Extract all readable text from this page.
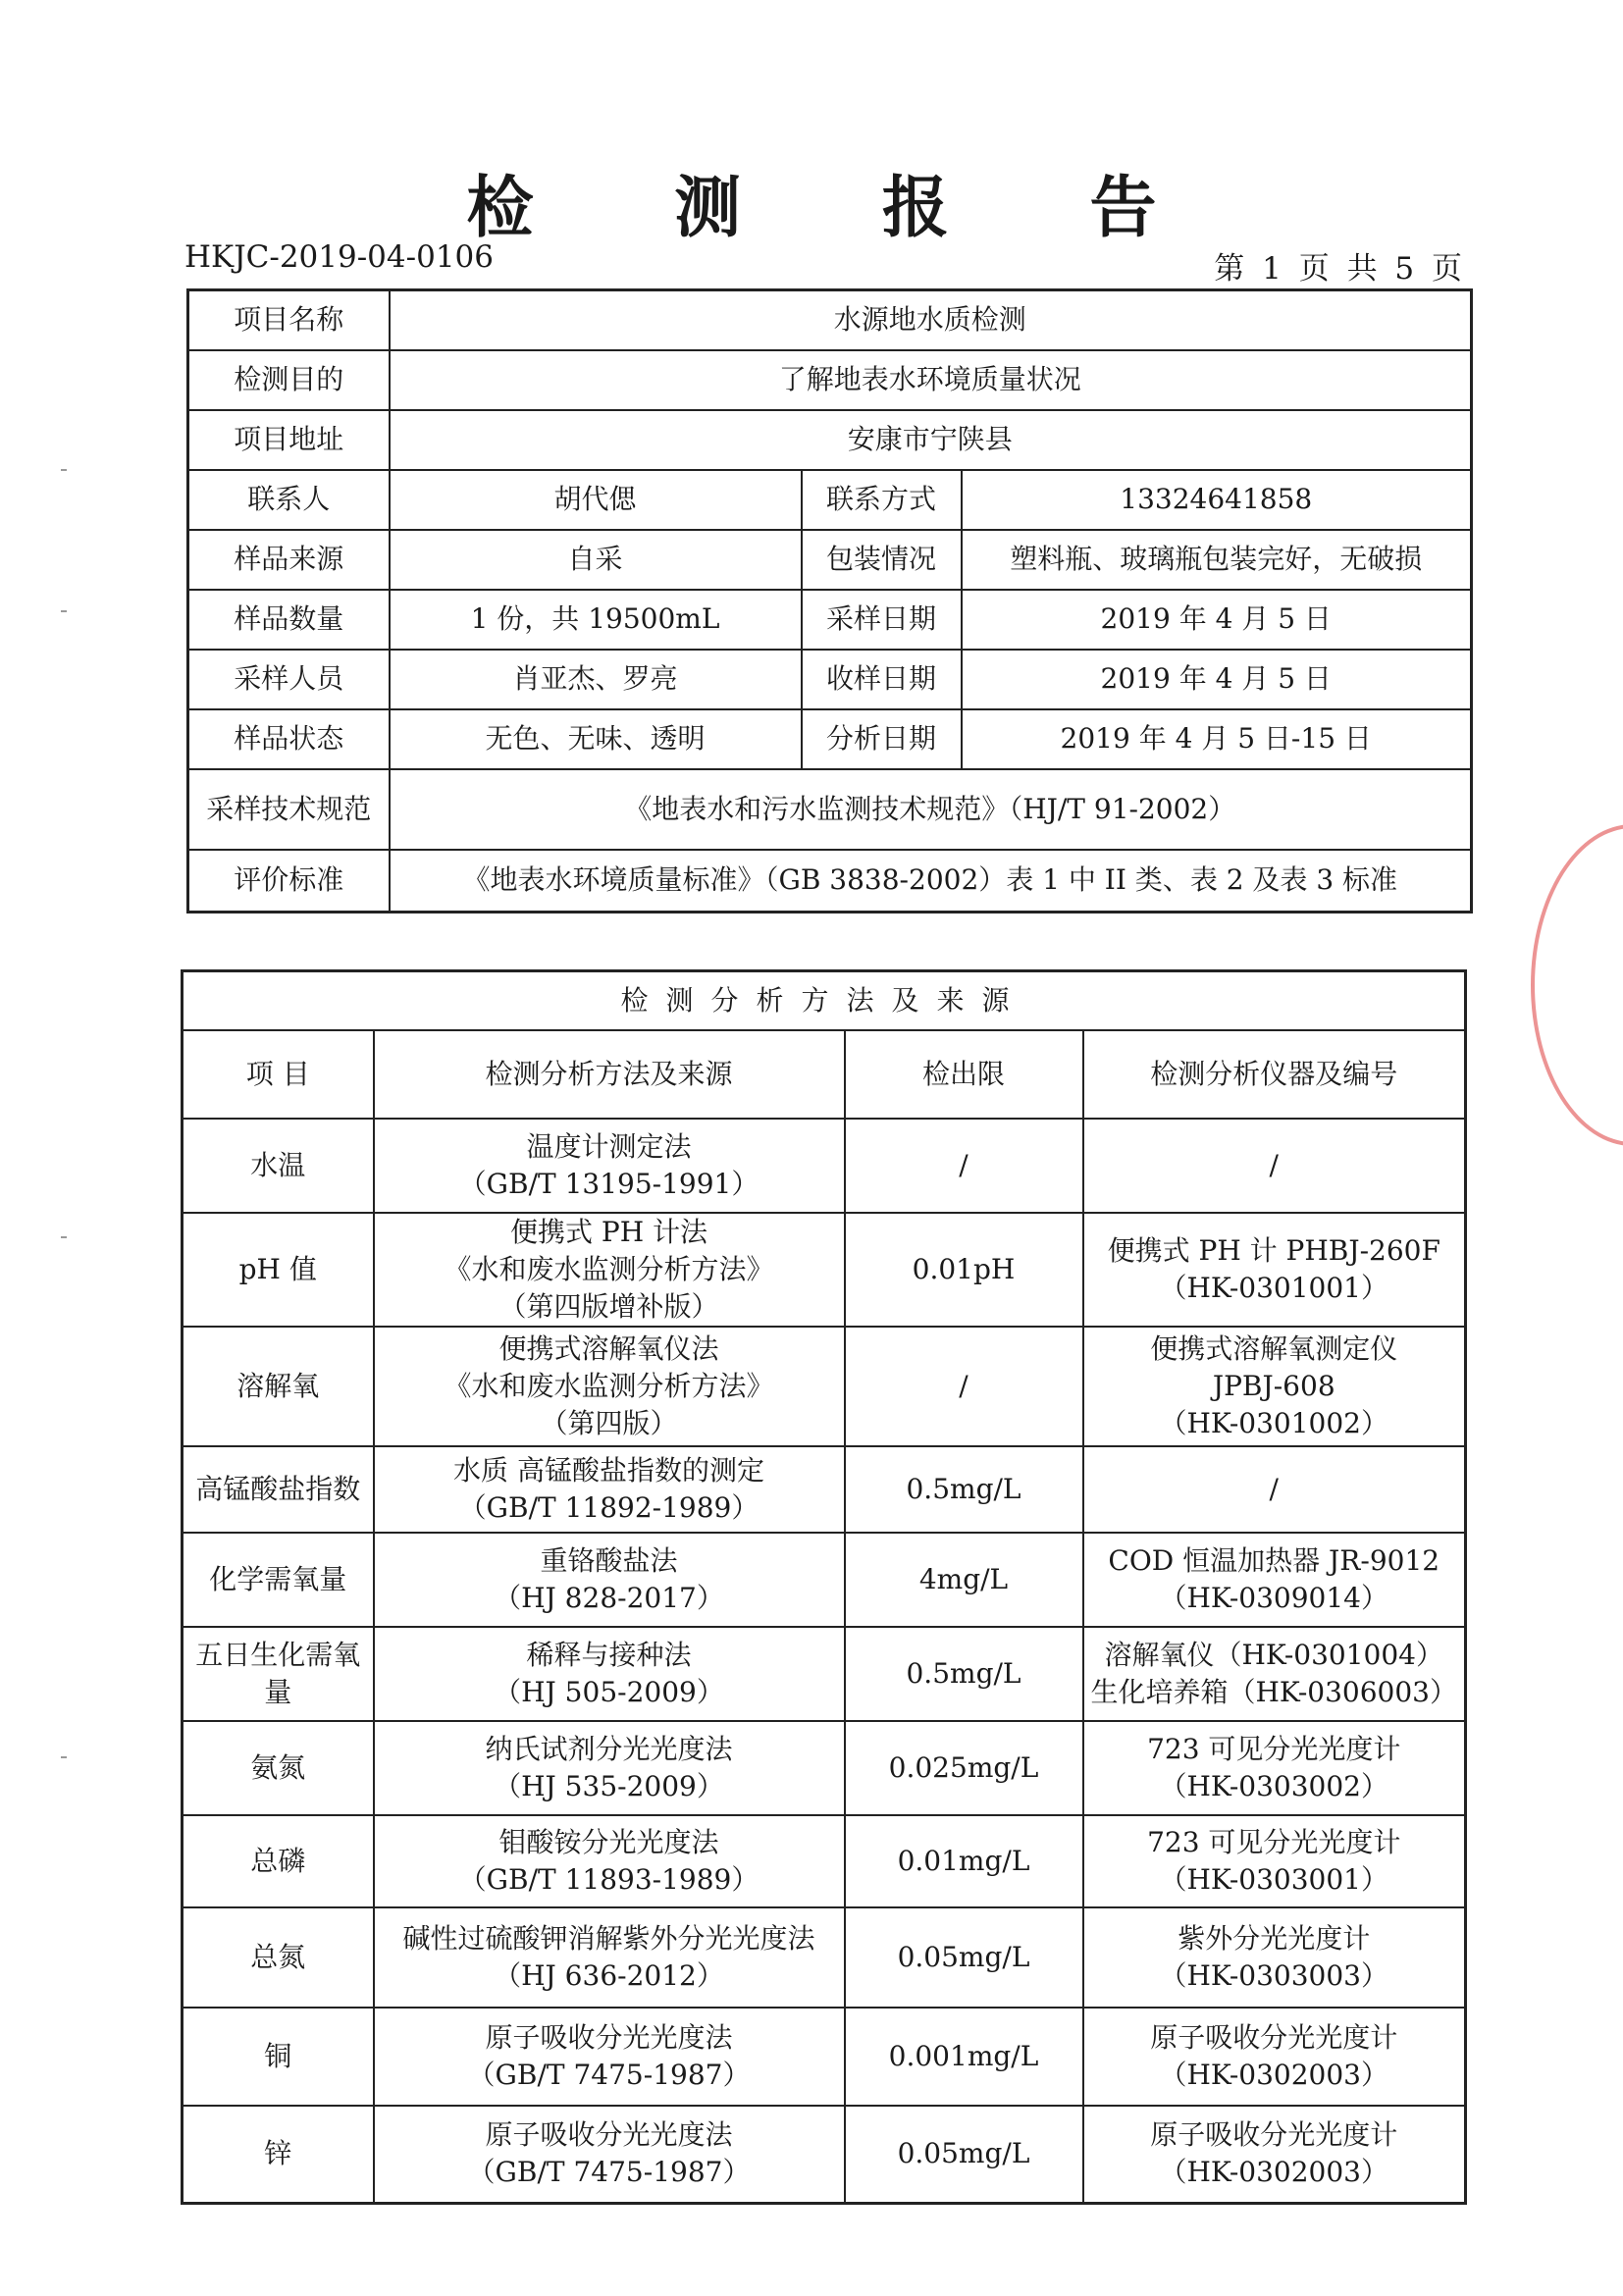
检 测 报 告
HKJC-2019-04-0106	第 1 页 共 5 页
项目名称	水源地水质检测		
检测目的	了解地表水环境质量状况		
项目地址	安康市宁陕县		
联系人	胡代偲	联系方式	13324641858
样品来源	自采	包装情况	塑料瓶、玻璃瓶包装完好，无破损
样品数量	1 份，共 19500mL	采样日期	2019 年 4 月 5 日
采样人员	肖亚杰、罗亮	收样日期	2019 年 4 月 5 日
样品状态	无色、无味、透明	分析日期	2019 年 4 月 5 日-15 日
采样技术规范	《地表水和污水监测技术规范》（HJ/T 91-2002）		
评价标准	《地表水环境质量标准》（GB 3838-2002）表 1 中 II 类、表 2 及表 3 标准		
检测分析方法及来源			
项 目	检测分析方法及来源	检出限	检测分析仪器及编号
水温	温度计测定法
（GB/T 13195-1991）	/	/
pH 值	便携式 PH 计法
《水和废水监测分析方法》
（第四版增补版）	0.01pH	便携式 PH 计 PHBJ-260F
（HK-0301001）
溶解氧	便携式溶解氧仪法
《水和废水监测分析方法》
（第四版）	/	便携式溶解氧测定仪
JPBJ-608
（HK-0301002）
高锰酸盐指数	水质 高锰酸盐指数的测定
（GB/T 11892-1989）	0.5mg/L	/
化学需氧量	重铬酸盐法
（HJ 828-2017）	4mg/L	COD 恒温加热器 JR-9012
（HK-0309014）
五日生化需氧量	稀释与接种法
（HJ 505-2009）	0.5mg/L	溶解氧仪（HK-0301004）
生化培养箱（HK-0306003）
氨氮	纳氏试剂分光光度法
（HJ 535-2009）	0.025mg/L	723 可见分光光度计
（HK-0303002）
总磷	钼酸铵分光光度法
（GB/T 11893-1989）	0.01mg/L	723 可见分光光度计
（HK-0303001）
总氮	碱性过硫酸钾消解紫外分光光度法
（HJ 636-2012）	0.05mg/L	紫外分光光度计
（HK-0303003）
铜	原子吸收分光光度法
（GB/T 7475-1987）	0.001mg/L	原子吸收分光光度计
（HK-0302003）
锌	原子吸收分光光度法
（GB/T 7475-1987）	0.05mg/L	原子吸收分光光度计
（HK-0302003）
